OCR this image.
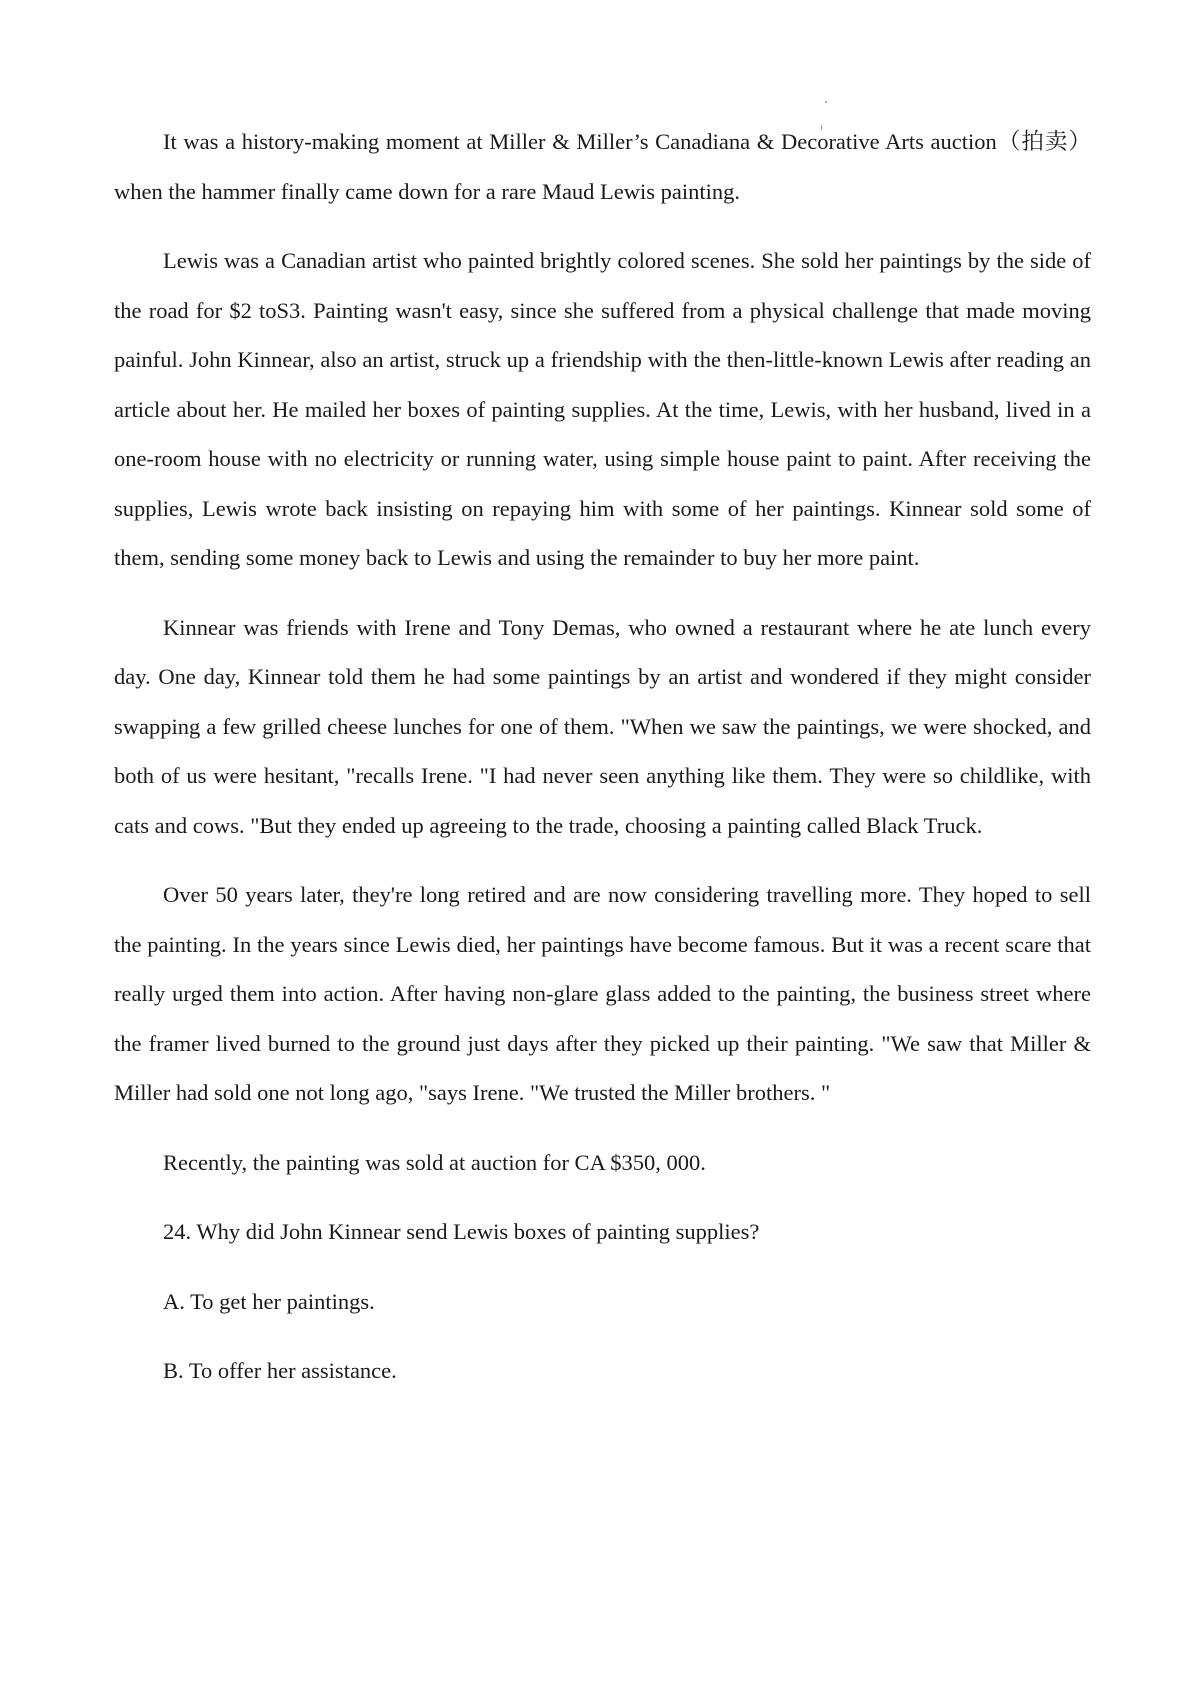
It was a history-making moment at Miller & Miller’s Canadiana & Decorative Arts auction（拍卖） when the hammer finally came down for a rare Maud Lewis painting.

Lewis was a Canadian artist who painted brightly colored scenes. She sold her paintings by the side of the road for $2 toS3. Painting wasn't easy, since she suffered from a physical challenge that made moving painful. John Kinnear, also an artist, struck up a friendship with the then-little-known Lewis after reading an article about her. He mailed her boxes of painting supplies. At the time, Lewis, with her husband, lived in a one-room house with no electricity or running water, using simple house paint to paint. After receiving the supplies, Lewis wrote back insisting on repaying him with some of her paintings. Kinnear sold some of them, sending some money back to Lewis and using the remainder to buy her more paint.

Kinnear was friends with Irene and Tony Demas, who owned a restaurant where he ate lunch every day. One day, Kinnear told them he had some paintings by an artist and wondered if they might consider swapping a few grilled cheese lunches for one of them. "When we saw the paintings, we were shocked, and both of us were hesitant, "recalls Irene. "I had never seen anything like them. They were so childlike, with cats and cows. "But they ended up agreeing to the trade, choosing a painting called Black Truck.

Over 50 years later, they're long retired and are now considering travelling more. They hoped to sell the painting. In the years since Lewis died, her paintings have become famous. But it was a recent scare that really urged them into action. After having non-glare glass added to the painting, the business street where the framer lived burned to the ground just days after they picked up their painting. "We saw that Miller & Miller had sold one not long ago, "says Irene. "We trusted the Miller brothers. "

Recently, the painting was sold at auction for CA $350, 000.

24. Why did John Kinnear send Lewis boxes of painting supplies?

A. To get her paintings.

B. To offer her assistance.
